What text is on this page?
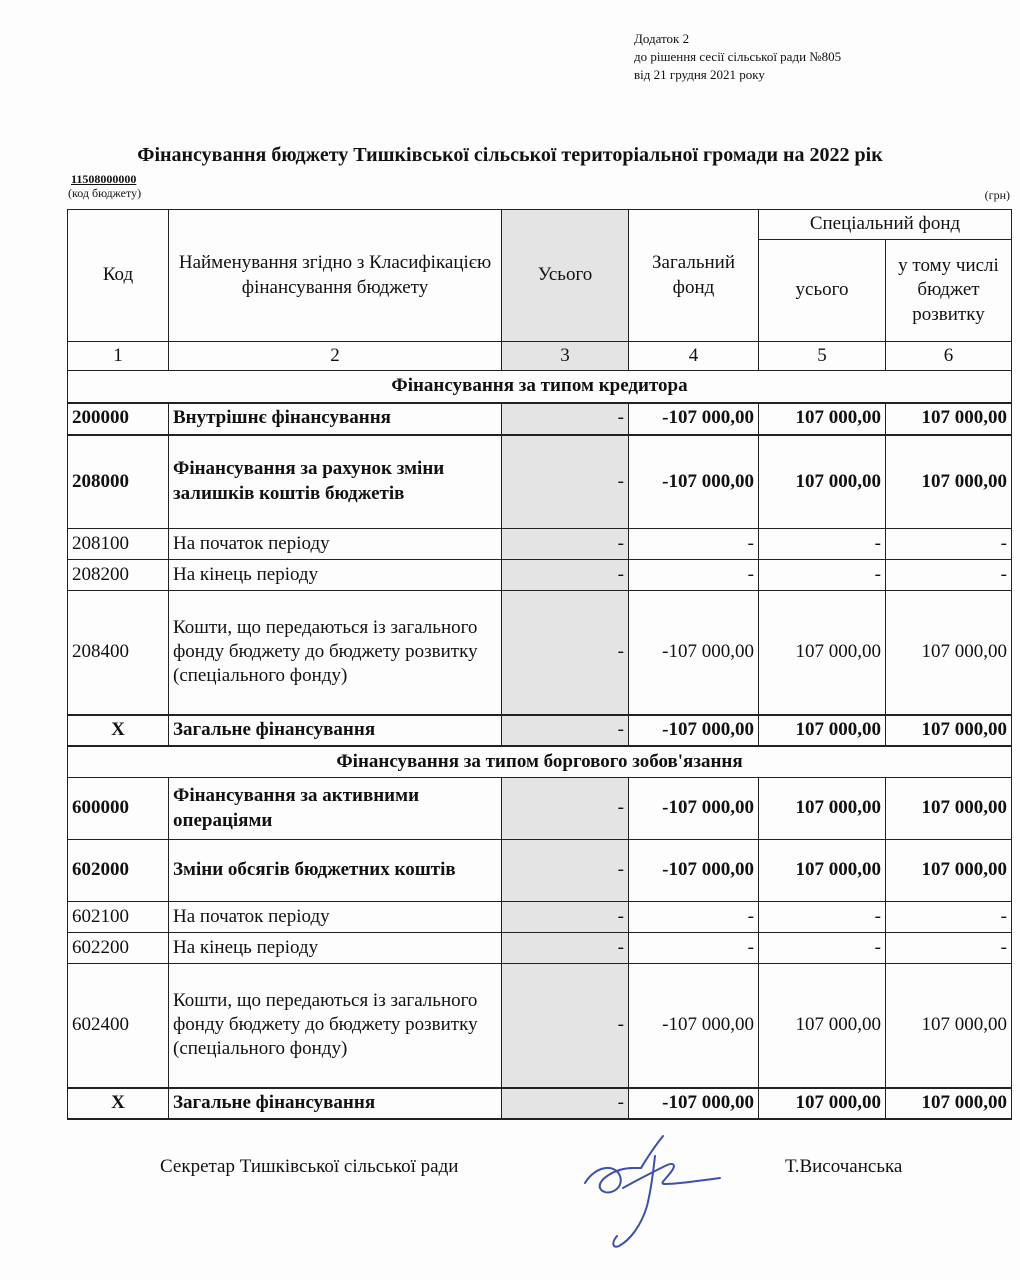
Додаток 2
до рішення сесії сільської ради №805
від 21 грудня 2021 року
Фінансування бюджету Тишківської сільської територіальної громади на 2022 рік
11508000000
(код бюджету)	(грн)
Код	Найменування згідно з Класифікацією фінансування бюджету	Усього	Загальний фонд	Спеціальний фонд	
				усього	у тому числі бюджет розвитку
1	2	3	4	5	6
Фінансування за типом кредитора					
200000	Внутрішнє фінансування	-	-107 000,00	107 000,00	107 000,00
208000	Фінансування за рахунок зміни залишків коштів бюджетів	-	-107 000,00	107 000,00	107 000,00
208100	На початок періоду	-	-	-	-
208200	На кінець періоду	-	-	-	-
208400	Кошти, що передаються із загального фонду бюджету до бюджету розвитку (спеціального фонду)	-	-107 000,00	107 000,00	107 000,00
X	Загальне фінансування	-	-107 000,00	107 000,00	107 000,00
Фінансування за типом боргового зобов'язання					
600000	Фінансування за активними операціями	-	-107 000,00	107 000,00	107 000,00
602000	Зміни обсягів бюджетних коштів	-	-107 000,00	107 000,00	107 000,00
602100	На початок періоду	-	-	-	-
602200	На кінець періоду	-	-	-	-
602400	Кошти, що передаються із загального фонду бюджету до бюджету розвитку (спеціального фонду)	-	-107 000,00	107 000,00	107 000,00
X	Загальне фінансування	-	-107 000,00	107 000,00	107 000,00
Секретар Тишківської сільської ради	Т.Височанська
